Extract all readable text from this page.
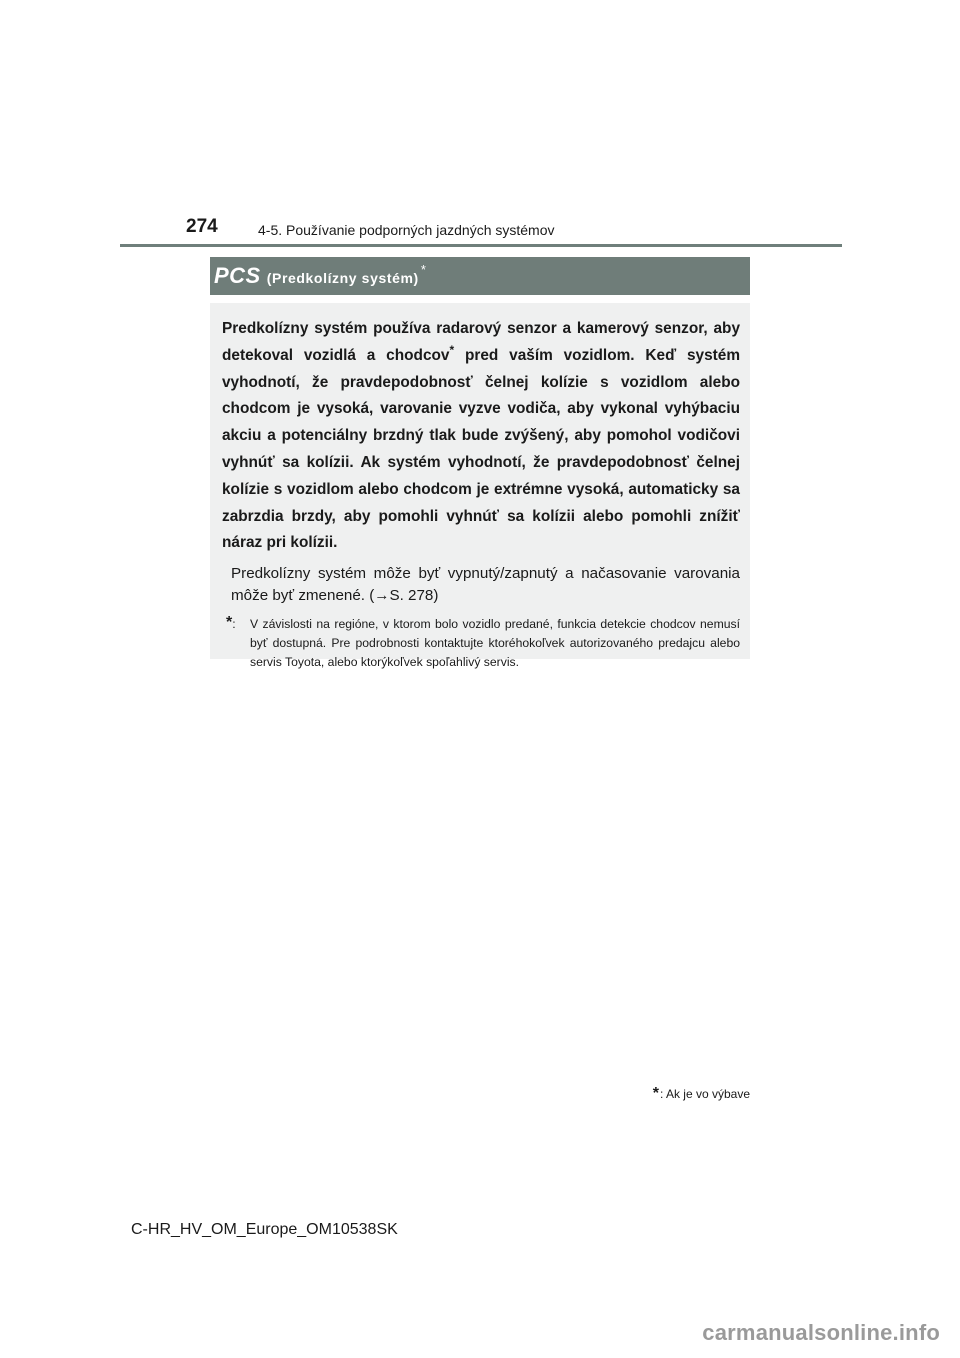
274	4-5. Používanie podporných jazdných systémov
PCS (Predkolízny systém)
*

Predkolízny systém používa radarový senzor a kamerový senzor, aby detekoval vozidlá a chodcov* pred vaším vozidlom. Keď systém vyhodnotí, že pravdepodobnosť čelnej kolízie s vozidlom alebo chodcom je vysoká, varovanie vyzve vodiča, aby vykonal vyhýbaciu akciu a potenciálny brzdný tlak bude zvýšený, aby pomohol vodičovi vyhnúť sa kolízii. Ak systém vyhodnotí, že pravdepodobnosť čelnej kolízie s vozidlom alebo chodcom je extrémne vysoká, automaticky sa zabrzdia brzdy, aby pomohli vyhnúť sa kolízii alebo pomohli znížiť náraz pri kolízii.

Predkolízny systém môže byť vypnutý/zapnutý a načasovanie varovania môže byť zmenené. (→S. 278)

* : V závislosti na regióne, v ktorom bolo vozidlo predané, funkcia detekcie chodcov nemusí byť dostupná. Pre podrobnosti kontaktujte ktoréhokoľvek autorizovaného predajcu alebo servis Toyota, alebo ktorýkoľvek spoľahlivý servis.
* : Ak je vo výbave
C-HR_HV_OM_Europe_OM10538SK
carmanualsonline.info
